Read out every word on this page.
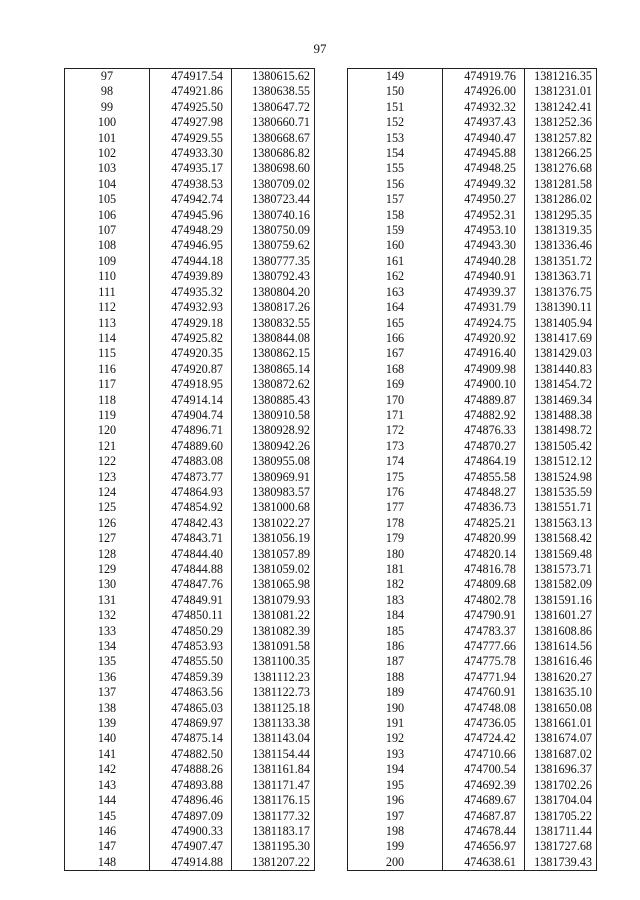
97
97	474917.54	1380615.62
98	474921.86	1380638.55
99	474925.50	1380647.72
100	474927.98	1380660.71
101	474929.55	1380668.67
102	474933.30	1380686.82
103	474935.17	1380698.60
104	474938.53	1380709.02
105	474942.74	1380723.44
106	474945.96	1380740.16
107	474948.29	1380750.09
108	474946.95	1380759.62
109	474944.18	1380777.35
110	474939.89	1380792.43
111	474935.32	1380804.20
112	474932.93	1380817.26
113	474929.18	1380832.55
114	474925.82	1380844.08
115	474920.35	1380862.15
116	474920.87	1380865.14
117	474918.95	1380872.62
118	474914.14	1380885.43
119	474904.74	1380910.58
120	474896.71	1380928.92
121	474889.60	1380942.26
122	474883.08	1380955.08
123	474873.77	1380969.91
124	474864.93	1380983.57
125	474854.92	1381000.68
126	474842.43	1381022.27
127	474843.71	1381056.19
128	474844.40	1381057.89
129	474844.88	1381059.02
130	474847.76	1381065.98
131	474849.91	1381079.93
132	474850.11	1381081.22
133	474850.29	1381082.39
134	474853.93	1381091.58
135	474855.50	1381100.35
136	474859.39	1381112.23
137	474863.56	1381122.73
138	474865.03	1381125.18
139	474869.97	1381133.38
140	474875.14	1381143.04
141	474882.50	1381154.44
142	474888.26	1381161.84
143	474893.88	1381171.47
144	474896.46	1381176.15
145	474897.09	1381177.32
146	474900.33	1381183.17
147	474907.47	1381195.30
148	474914.88	1381207.22
149	474919.76	1381216.35
150	474926.00	1381231.01
151	474932.32	1381242.41
152	474937.43	1381252.36
153	474940.47	1381257.82
154	474945.88	1381266.25
155	474948.25	1381276.68
156	474949.32	1381281.58
157	474950.27	1381286.02
158	474952.31	1381295.35
159	474953.10	1381319.35
160	474943.30	1381336.46
161	474940.28	1381351.72
162	474940.91	1381363.71
163	474939.37	1381376.75
164	474931.79	1381390.11
165	474924.75	1381405.94
166	474920.92	1381417.69
167	474916.40	1381429.03
168	474909.98	1381440.83
169	474900.10	1381454.72
170	474889.87	1381469.34
171	474882.92	1381488.38
172	474876.33	1381498.72
173	474870.27	1381505.42
174	474864.19	1381512.12
175	474855.58	1381524.98
176	474848.27	1381535.59
177	474836.73	1381551.71
178	474825.21	1381563.13
179	474820.99	1381568.42
180	474820.14	1381569.48
181	474816.78	1381573.71
182	474809.68	1381582.09
183	474802.78	1381591.16
184	474790.91	1381601.27
185	474783.37	1381608.86
186	474777.66	1381614.56
187	474775.78	1381616.46
188	474771.94	1381620.27
189	474760.91	1381635.10
190	474748.08	1381650.08
191	474736.05	1381661.01
192	474724.42	1381674.07
193	474710.66	1381687.02
194	474700.54	1381696.37
195	474692.39	1381702.26
196	474689.67	1381704.04
197	474687.87	1381705.22
198	474678.44	1381711.44
199	474656.97	1381727.68
200	474638.61	1381739.43
